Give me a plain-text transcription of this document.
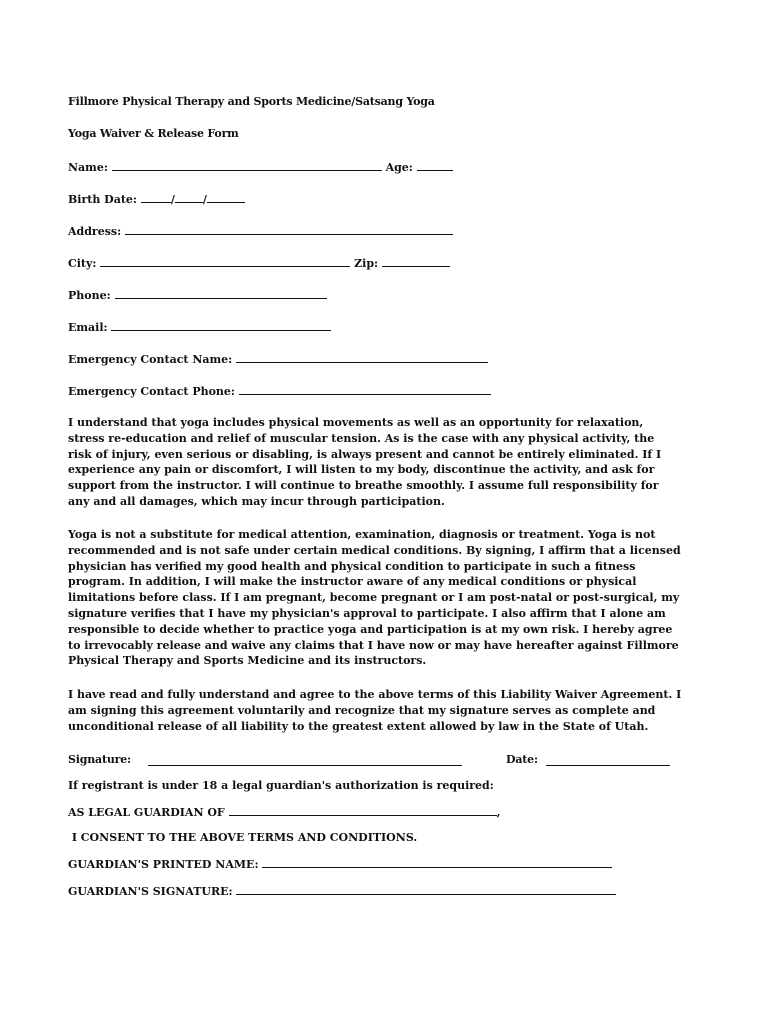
Fillmore Physical Therapy and Sports Medicine/Satsang Yoga
Yoga Waiver & Release Form
Name:	Age:
Birth Date:	/	/
Address:
City:	Zip:
Phone:
Email:
Emergency Contact Name:
Emergency Contact Phone:
I understand that yoga includes physical movements as well as an opportunity for relaxation,
stress re-education and relief of muscular tension. As is the case with any physical activity, the
risk of injury, even serious or disabling, is always present and cannot be entirely eliminated. If I
experience any pain or discomfort, I will listen to my body, discontinue the activity, and ask for
support from the instructor. I will continue to breathe smoothly. I assume full responsibility for
any and all damages, which may incur through participation.
Yoga is not a substitute for medical attention, examination, diagnosis or treatment. Yoga is not
recommended and is not safe under certain medical conditions. By signing, I affirm that a licensed
physician has verified my good health and physical condition to participate in such a fitness
program. In addition, I will make the instructor aware of any medical conditions or physical
limitations before class. If I am pregnant, become pregnant or I am post-natal or post-surgical, my
signature verifies that I have my physician's approval to participate. I also affirm that I alone am
responsible to decide whether to practice yoga and participation is at my own risk. I hereby agree
to irrevocably release and waive any claims that I have now or may have hereafter against Fillmore
Physical Therapy and Sports Medicine and its instructors.
I have read and fully understand and agree to the above terms of this Liability Waiver Agreement. I
am signing this agreement voluntarily and recognize that my signature serves as complete and
unconditional release of all liability to the greatest extent allowed by law in the State of Utah.
Signature:	Date:
If registrant is under 18 a legal guardian's authorization is required:
AS LEGAL GUARDIAN OF	,
I CONSENT TO THE ABOVE TERMS AND CONDITIONS.
GUARDIAN'S PRINTED NAME:
GUARDIAN'S SIGNATURE:
